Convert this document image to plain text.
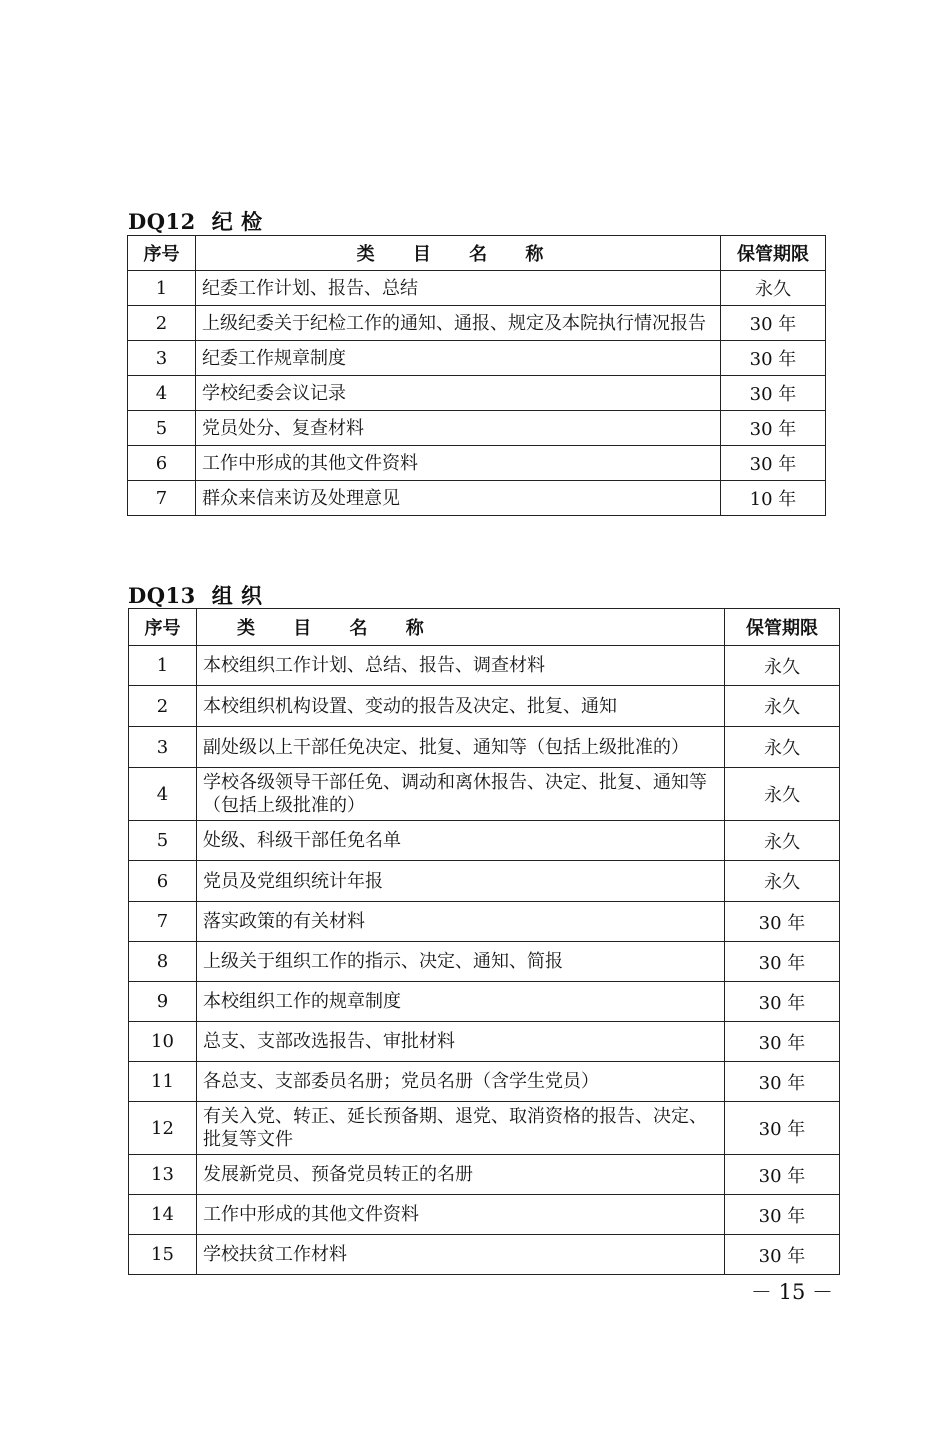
DQ12 纪 检
序号	类 目 名 称	保管期限
1	纪委工作计划、报告、总结	永久
2	上级纪委关于纪检工作的通知、通报、规定及本院执行情况报告	30 年
3	纪委工作规章制度	30 年
4	学校纪委会议记录	30 年
5	党员处分、复查材料	30 年
6	工作中形成的其他文件资料	30 年
7	群众来信来访及处理意见	10 年
DQ13 组 织
序号	类 目 名 称	保管期限
1	本校组织工作计划、总结、报告、调查材料	永久
2	本校组织机构设置、变动的报告及决定、批复、通知	永久
3	副处级以上干部任免决定、批复、通知等（包括上级批准的）	永久
4	学校各级领导干部任免、调动和离休报告、决定、批复、通知等（包括上级批准的）	永久
5	处级、科级干部任免名单	永久
6	党员及党组织统计年报	永久
7	落实政策的有关材料	30 年
8	上级关于组织工作的指示、决定、通知、简报	30 年
9	本校组织工作的规章制度	30 年
10	总支、支部改选报告、审批材料	30 年
11	各总支、支部委员名册；党员名册（含学生党员）	30 年
12	有关入党、转正、延长预备期、退党、取消资格的报告、决定、批复等文件	30 年
13	发展新党员、预备党员转正的名册	30 年
14	工作中形成的其他文件资料	30 年
15	学校扶贫工作材料	30 年
－ 15 －
